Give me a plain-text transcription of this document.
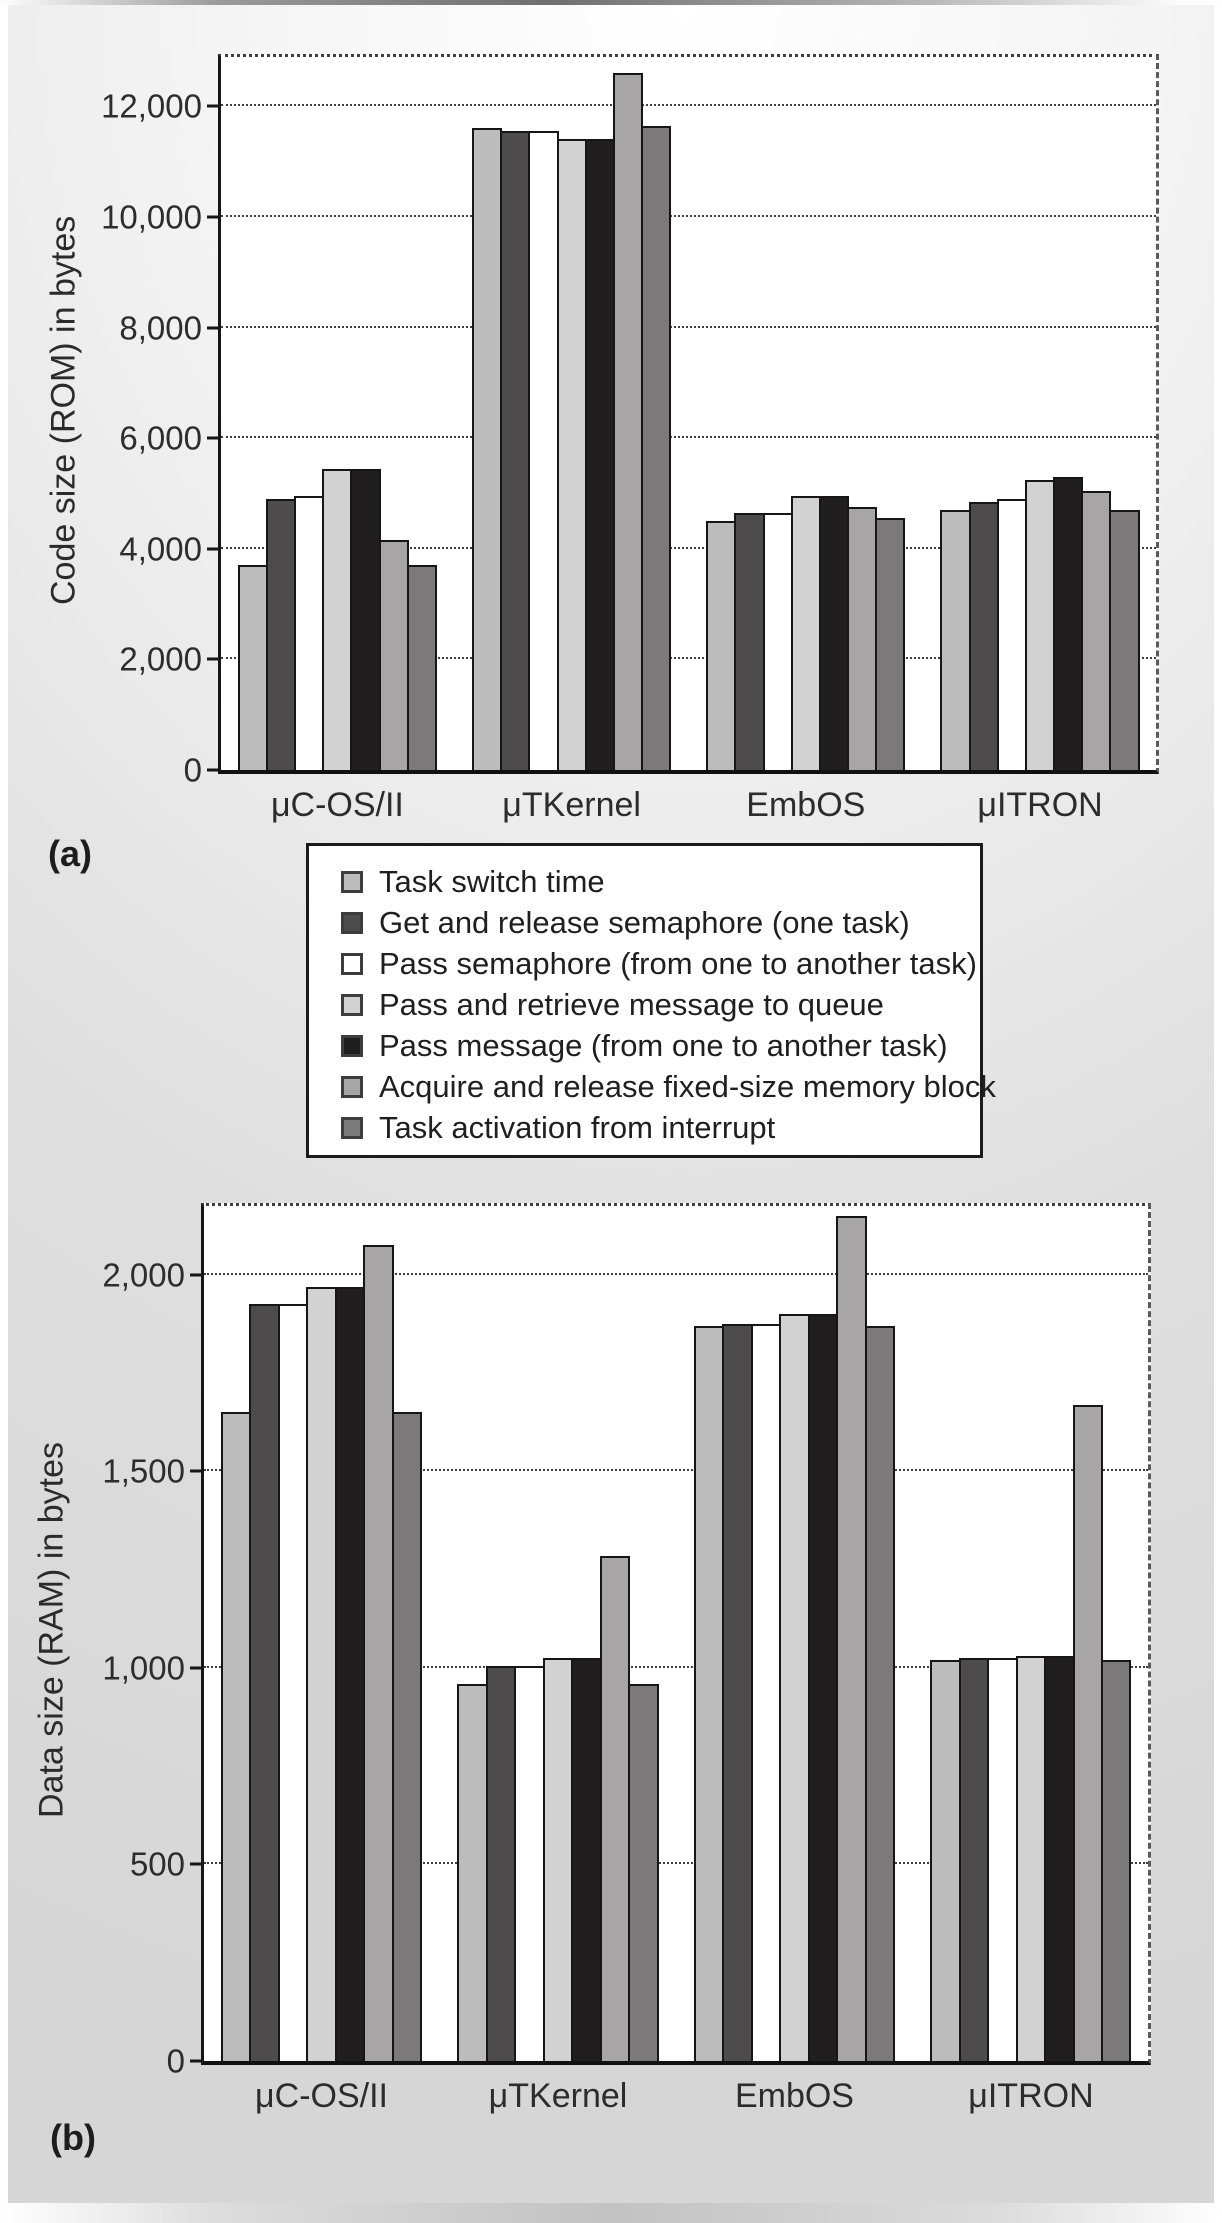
Code size (ROM) in bytes
0
2,000
4,000
6,000
8,000
10,000
12,000
μC-OS/II	μTKernel	EmbOS	μITRON
(a)
Task switch time
Get and release semaphore (one task)
Pass semaphore (from one to another task)
Pass and retrieve message to queue
Pass message (from one to another task)
Acquire and release fixed-size memory block
Task activation from interrupt
Data size (RAM) in bytes
0
500
1,000
1,500
2,000
μC-OS/II	μTKernel	EmbOS	μITRON
(b)
